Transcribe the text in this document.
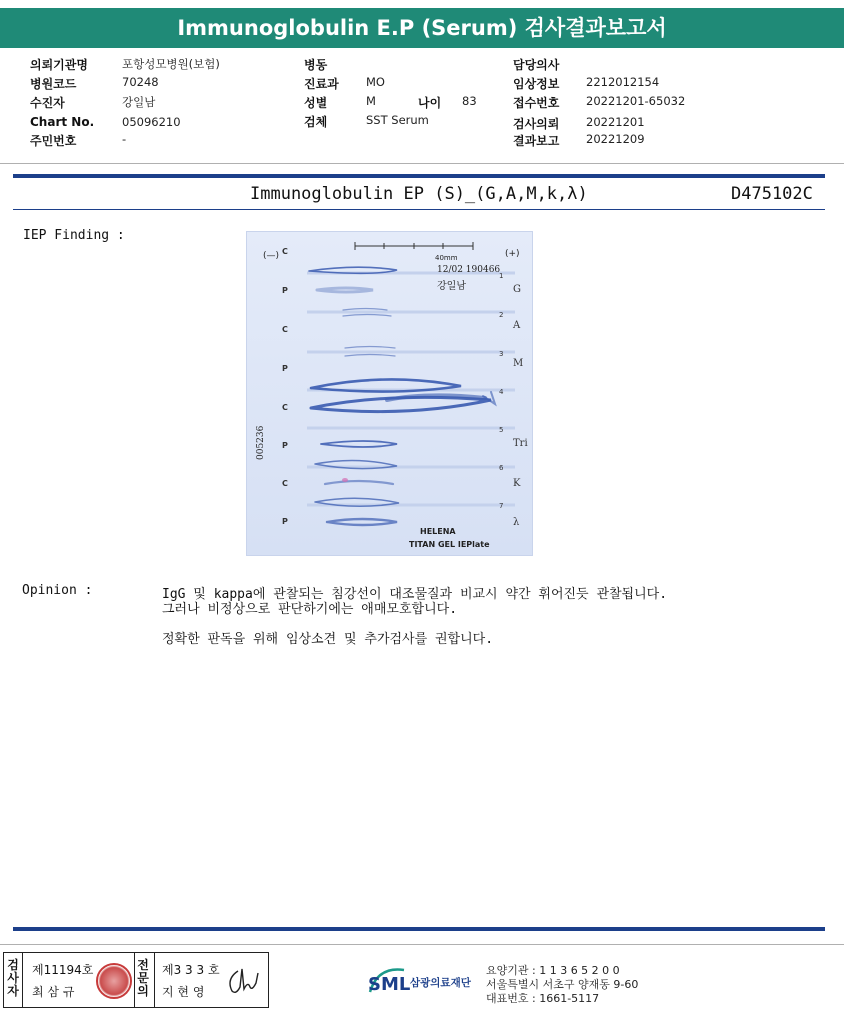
Immunoglobulin E.P (Serum) 검사결과보고서
의뢰기관명	포항성모병원(보험)
병원코드	70248
수진자	강일남
Chart No. 05096210
주민번호	-
병동
진료과 MO
성별	M	나이 83
검체	SST Serum
담당의사
임상정보 2212012154
접수번호 20221201-65032
검사의뢰 20221201
결과보고 20221209
Immunoglobulin EP (S)_(G,A,M,k,λ)	D475102C
IEP Finding :
(—)	(+)
40mm
12/02 190466
강일남
005236
HELENA
TITAN GEL IEPlate
C
P
C
P
C
P
C
P
1
2
3
4
5
6
7
G
A
M
Tri
K
λ
Opinion :	IgG 및 kappa에 관찰되는 침강선이 대조물질과 비교시 약간 휘어진듯 관찰됩니다.
그러나 비정상으로 판단하기에는 애매모호합니다.
정확한 판독을 위해 임상소견 및 추가검사를 권합니다.
검
사
자
제11194호
최 삼 규
전
문
의
제3 3 3 호
지 현 영	SML 삼광의료재단
요양기관 : 1 1 3 6 5 2 0 0
서울특별시 서초구 양재동 9-60
대표번호 : 1661-5117
